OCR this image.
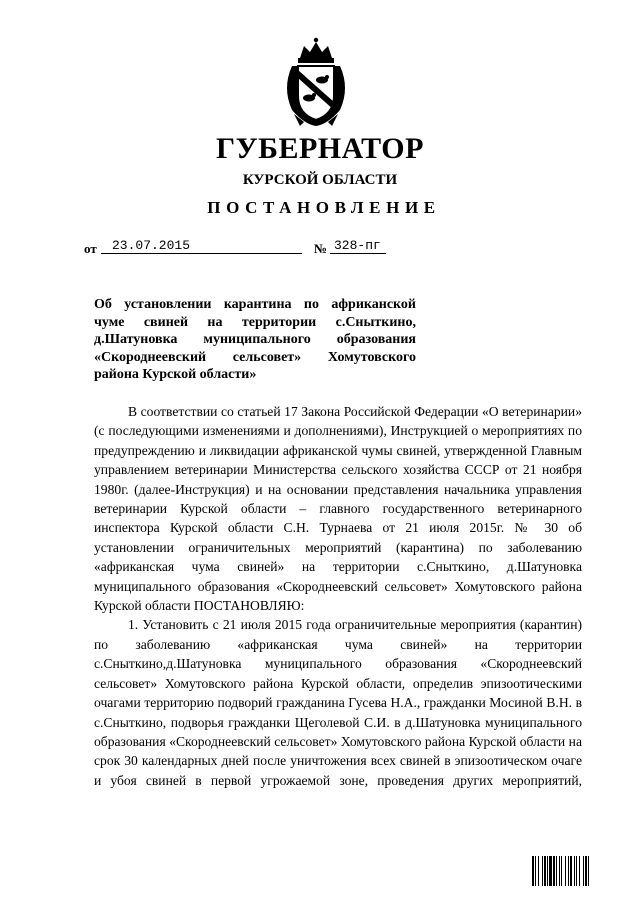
ГУБЕРНАТОР
КУРСКОЙ ОБЛАСТИ
ПОСТАНОВЛЕНИЕ
от 23.07.2015	№ 328-пг
Об установлении карантина по африканской
чуме свиней на территории с.Сныткино,
д.Шатуновка муниципального образования
«Скороднеевский сельсовет» Хомутовского
района Курской области»

В соответствии со статьей 17 Закона Российской Федерации «О ветеринарии» (с последующими изменениями и дополнениями), Инструкцией о мероприятиях по предупреждению и ликвидации африканской чумы свиней, утвержденной Главным управлением ветеринарии Министерства сельского хозяйства СССР от 21 ноября 1980г. (далее-Инструкция) и на основании представления начальника управления ветеринарии Курской области – главного государственного ветеринарного инспектора Курской области С.Н. Турнаева от 21 июля 2015г. № 30 об установлении ограничительных мероприятий (карантина) по заболеванию «африканская чума свиней» на территории с.Сныткино, д.Шатуновка муниципального образования «Скороднеевский сельсовет» Хомутовского района Курской области ПОСТАНОВЛЯЮ:

1. Установить с 21 июля 2015 года ограничительные мероприятия (карантин) по заболеванию «африканская чума свиней» на территории с.Сныткино,д.Шатуновка муниципального образования «Скороднеевский сельсовет» Хомутовского района Курской области, определив эпизоотическими очагами территорию подворий гражданина Гусева Н.А., гражданки Мосиной В.Н. в с.Сныткино, подворья гражданки Щеголевой С.И. в д.Шатуновка муниципального образования «Скороднеевский сельсовет» Хомутовского района Курской области на срок 30 календарных дней после уничтожения всех свиней в эпизоотическом очаге и убоя свиней в первой угрожаемой зоне, проведения других мероприятий,
